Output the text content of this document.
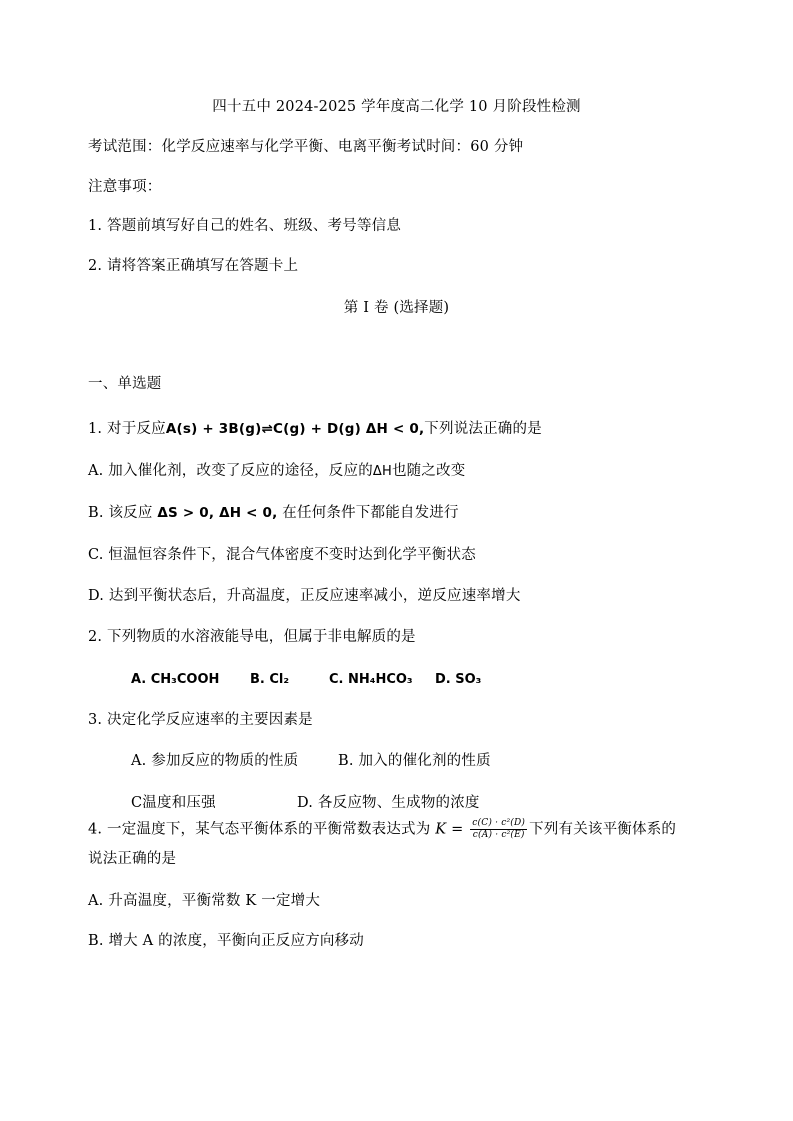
四十五中 2024-2025 学年度高二化学 10 月阶段性检测
考试范围：化学反应速率与化学平衡、电离平衡考试时间：60 分钟
注意事项：
1. 答题前填写好自己的姓名、班级、考号等信息
2. 请将答案正确填写在答题卡上
第 I 卷 (选择题)
一、单选题
1. 对于反应A(s) + 3B(g)⇌C(g) + D(g) ΔH < 0,下列说法正确的是
A. 加入催化剂，改变了反应的途径，反应的ΔH也随之改变
B. 该反应 ΔS > 0, ΔH < 0, 在任何条件下都能自发进行
C. 恒温恒容条件下，混合气体密度不变时达到化学平衡状态
D. 达到平衡状态后，升高温度，正反应速率减小，逆反应速率增大
2. 下列物质的水溶液能导电，但属于非电解质的是
A. CH₃COOH B. Cl₂	C. NH₄HCO₃ D. SO₃
3. 决定化学反应速率的主要因素是
A. 参加反应的物质的性质	B. 加入的催化剂的性质
C温度和压强	D. 各反应物、生成物的浓度
4. 一定温度下，某气态平衡体系的平衡常数表达式为 $K = \frac{\text{c(C) · c²(D)}}{\text{c(A) · c²(E)}}$ 下列有关该平衡体系的
说法正确的是
A. 升高温度，平衡常数 K 一定增大
B. 增大 A 的浓度，平衡向正反应方向移动
